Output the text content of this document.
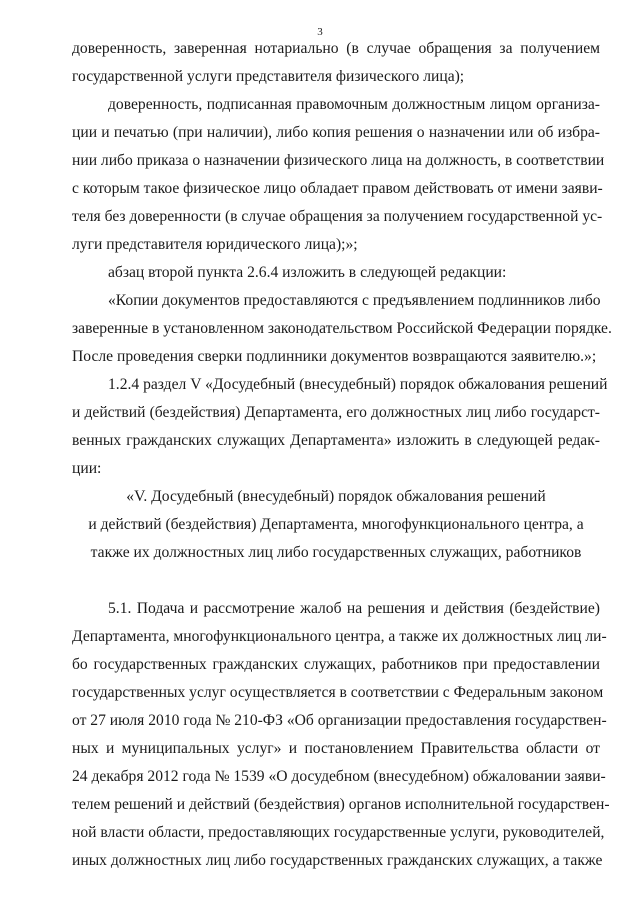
3
доверенность, заверенная нотариально (в случае обращения за получением
государственной услуги представителя физического лица);
доверенность, подписанная правомочным должностным лицом организа-
ции и печатью (при наличии), либо копия решения о назначении или об избра-
нии либо приказа о назначении физического лица на должность, в соответствии
с которым такое физическое лицо обладает правом действовать от имени заяви-
теля без доверенности (в случае обращения за получением государственной ус-
луги представителя юридического лица);»;
абзац второй пункта 2.6.4 изложить в следующей редакции:
«Копии документов предоставляются с предъявлением подлинников либо
заверенные в установленном законодательством Российской Федерации порядке.
После проведения сверки подлинники документов возвращаются заявителю.»;
1.2.4 раздел V «Досудебный (внесудебный) порядок обжалования решений
и действий (бездействия) Департамента, его должностных лиц либо государст-
венных гражданских служащих Департамента» изложить в следующей редак-
ции:
«V. Досудебный (внесудебный) порядок обжалования решений
и действий (бездействия) Департамента, многофункционального центра, а
также их должностных лиц либо государственных служащих, работников
5.1. Подача и рассмотрение жалоб на решения и действия (бездействие)
Департамента, многофункционального центра, а также их должностных лиц ли-
бо государственных гражданских служащих, работников при предоставлении
государственных услуг осуществляется в соответствии с Федеральным законом
от 27 июля 2010 года № 210-ФЗ «Об организации предоставления государствен-
ных и муниципальных услуг» и постановлением Правительства области от
24 декабря 2012 года № 1539 «О досудебном (внесудебном) обжаловании заяви-
телем решений и действий (бездействия) органов исполнительной государствен-
ной власти области, предоставляющих государственные услуги, руководителей,
иных должностных лиц либо государственных гражданских служащих, а также
